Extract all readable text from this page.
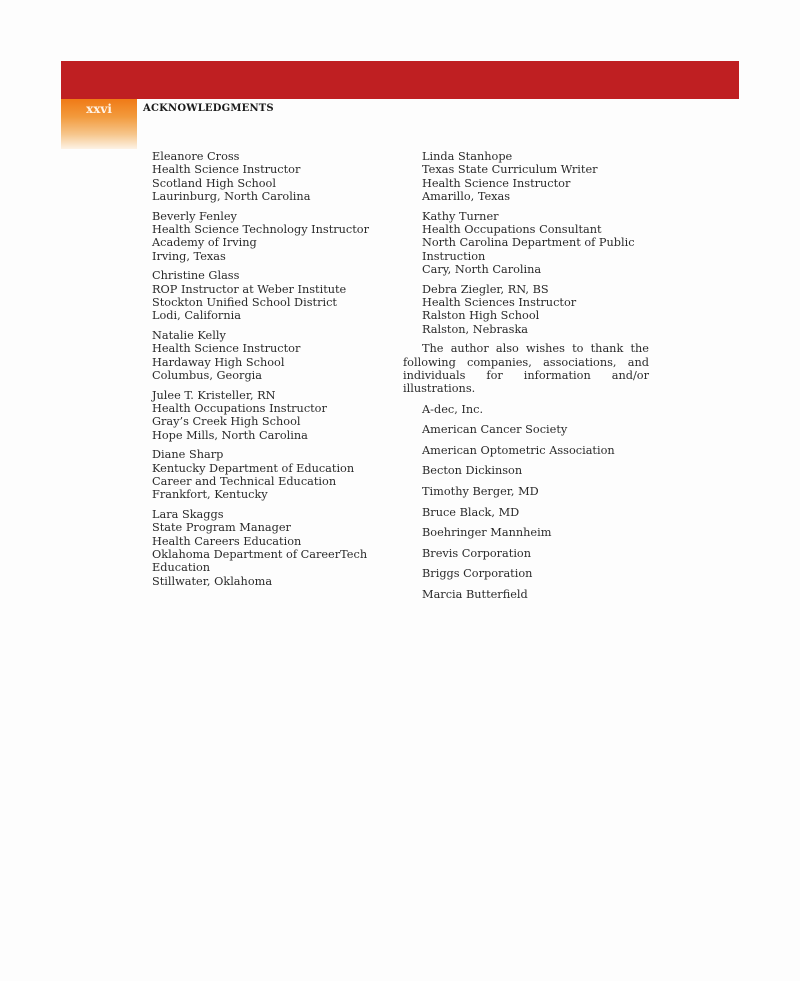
xxvi	ACKNOWLEDGMENTS
Eleanore Cross
Health Science Instructor
Scotland High School
Laurinburg, North Carolina
Beverly Fenley
Health Science Technology Instructor
Academy of Irving
Irving, Texas
Christine Glass
ROP Instructor at Weber Institute
Stockton Unified School District
Lodi, California
Natalie Kelly
Health Science Instructor
Hardaway High School
Columbus, Georgia
Julee T. Kristeller, RN
Health Occupations Instructor
Gray’s Creek High School
Hope Mills, North Carolina
Diane Sharp
Kentucky Department of Education
Career and Technical Education
Frankfort, Kentucky
Lara Skaggs
State Program Manager
Health Careers Education
Oklahoma Department of CareerTech
Education
Stillwater, Oklahoma
Linda Stanhope
Texas State Curriculum Writer
Health Science Instructor
Amarillo, Texas
Kathy Turner
Health Occupations Consultant
North Carolina Department of Public
Instruction
Cary, North Carolina
Debra Ziegler, RN, BS
Health Sciences Instructor
Ralston High School
Ralston, Nebraska

The author also wishes to thank the following companies, associations, and individuals for information and/or illustrations.

A-dec, Inc.
American Cancer Society
American Optometric Association
Becton Dickinson
Timothy Berger, MD
Bruce Black, MD
Boehringer Mannheim
Brevis Corporation
Briggs Corporation
Marcia Butterfield
